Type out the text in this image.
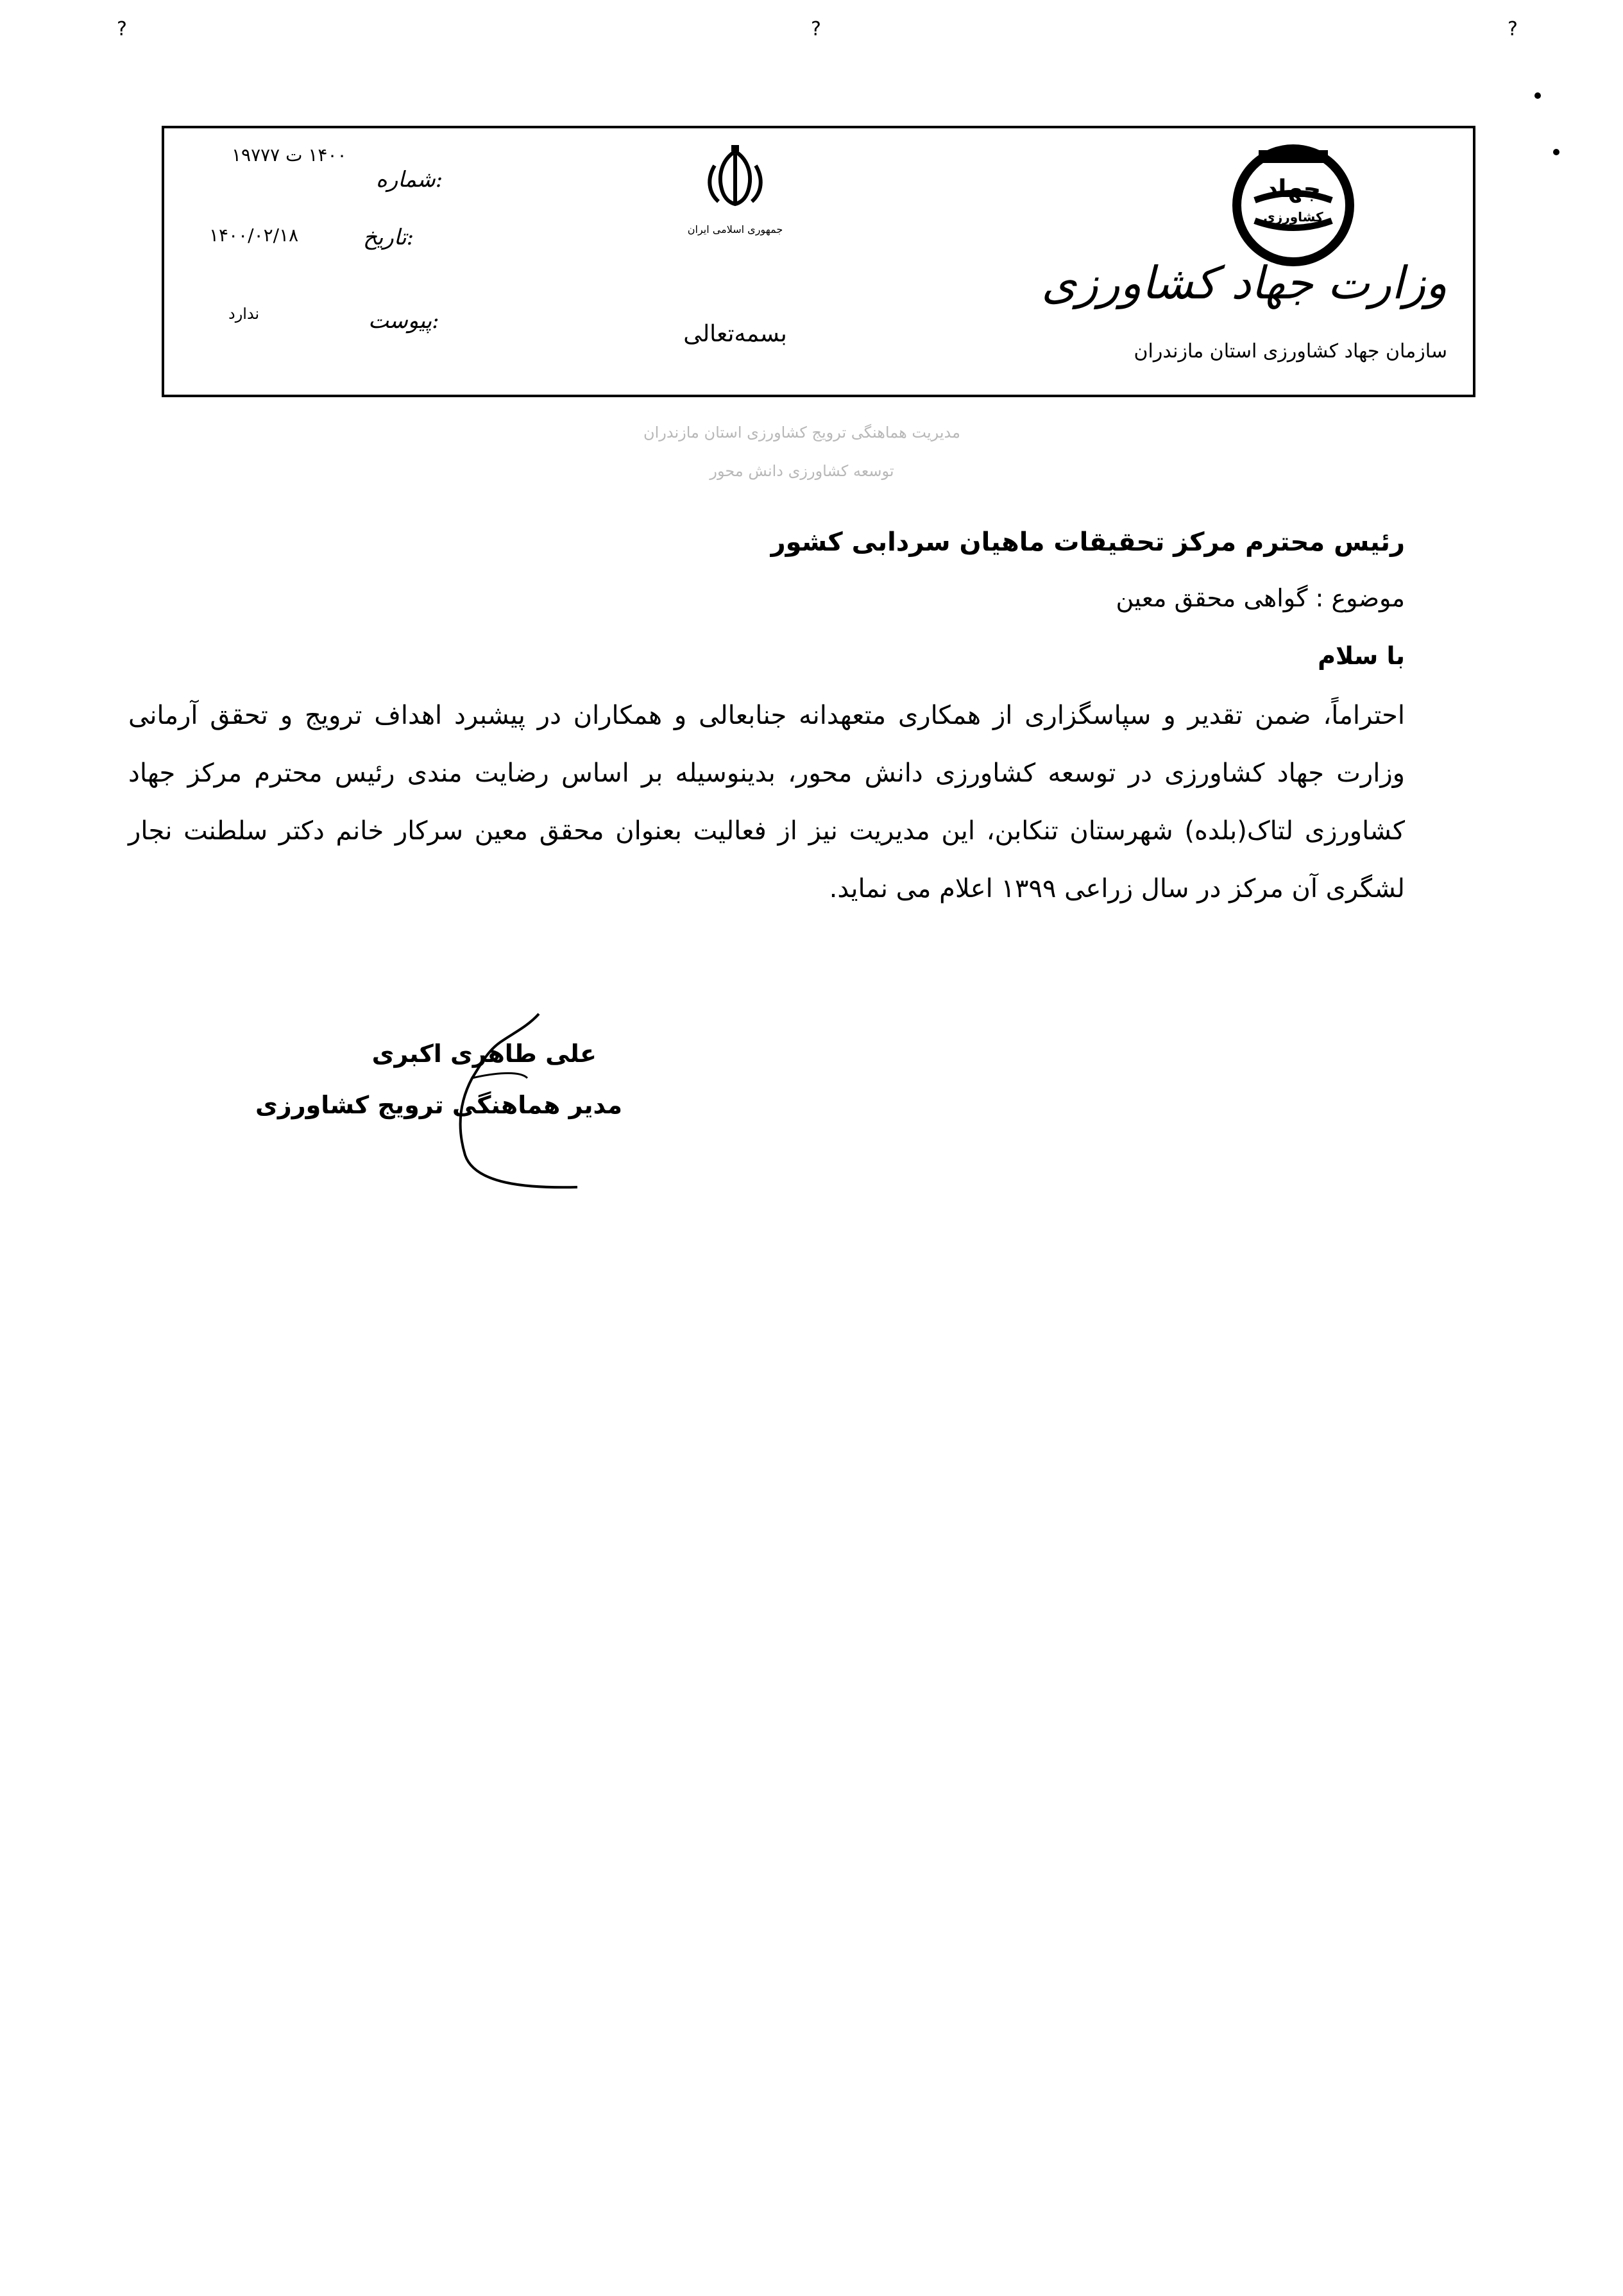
?	?	?
۱۴۰۰ ت ۱۹۷۷۷
شماره:
۱۴۰۰/۰۲/۱۸	تاریخ:
ندارد	پیوست:
جمهوری اسلامی ایران
بسمه‌تعالی
جهاد
کشاورزی
وزارت جهاد کشاورزی
سازمان جهاد کشاورزی استان مازندران
مدیریت هماهنگی ترویج کشاورزی استان مازندران
توسعه کشاورزی دانش محور
رئیس محترم مرکز تحقیقات ماهیان سردابی کشور
موضوع : گواهی محقق معین
با سلام
احتراماً، ضمن تقدیر و سپاسگزاری از همکاری متعهدانه جنابعالی و همکاران در پیشبرد اهداف ترویج و تحقق آرمانی وزارت جهاد کشاورزی در توسعه کشاورزی دانش محور، بدینوسیله بر اساس رضایت مندی رئیس محترم مرکز جهاد کشاورزی لتاک(بلده) شهرستان تنکابن، این مدیریت نیز از فعالیت بعنوان محقق معین سرکار خانم دکتر سلطنت نجار لشگری آن مرکز در سال زراعی ۱۳۹۹ اعلام می نماید.
علی طاهری اکبری
مدیر هماهنگی ترویج کشاورزی
